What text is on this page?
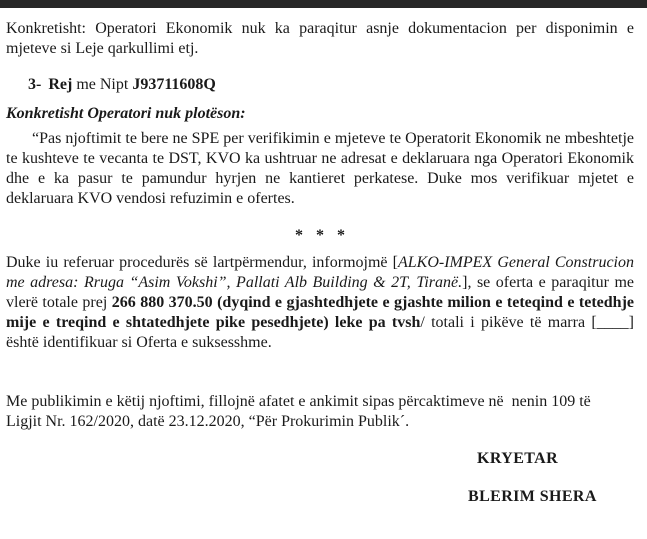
Konkretisht: Operatori Ekonomik nuk ka paraqitur asnje dokumentacion per disponimin e mjeteve si Leje qarkullimi etj.

3- Rej me Nipt J93711608Q

Konkretisht Operatori nuk plotëson:

“Pas njoftimit te bere ne SPE per verifikimin e mjeteve te Operatorit Ekonomik ne mbeshtetje te kushteve te vecanta te DST, KVO ka ushtruar ne adresat e deklaruara nga Operatori Ekonomik dhe e ka pasur te pamundur hyrjen ne kantieret perkatese. Duke mos verifikuar mjetet e deklaruara KVO vendosi refuzimin e ofertes.

* * *

Duke iu referuar procedurës së lartpërmendur, informojmë [ALKO-IMPEX General Construcion me adresa: Rruga “Asim Vokshi”, Pallati Alb Building & 2T, Tiranë.], se oferta e paraqitur me vlerë totale prej 266 880 370.50 (dyqind e gjashtedhjete e gjashte milion e teteqind e tetedhje mije e treqind e shtatedhjete pike pesedhjete) leke pa tvsh/ totali i pikëve të marra [____] është identifikuar si Oferta e suksesshme.

Me publikimin e këtij njoftimi, fillojnë afatet e ankimit sipas përcaktimeve në  nenin 109 të  Ligjit Nr. 162/2020, datë 23.12.2020, “Për Prokurimin Publik´.

KRYETAR
BLERIM SHERA
